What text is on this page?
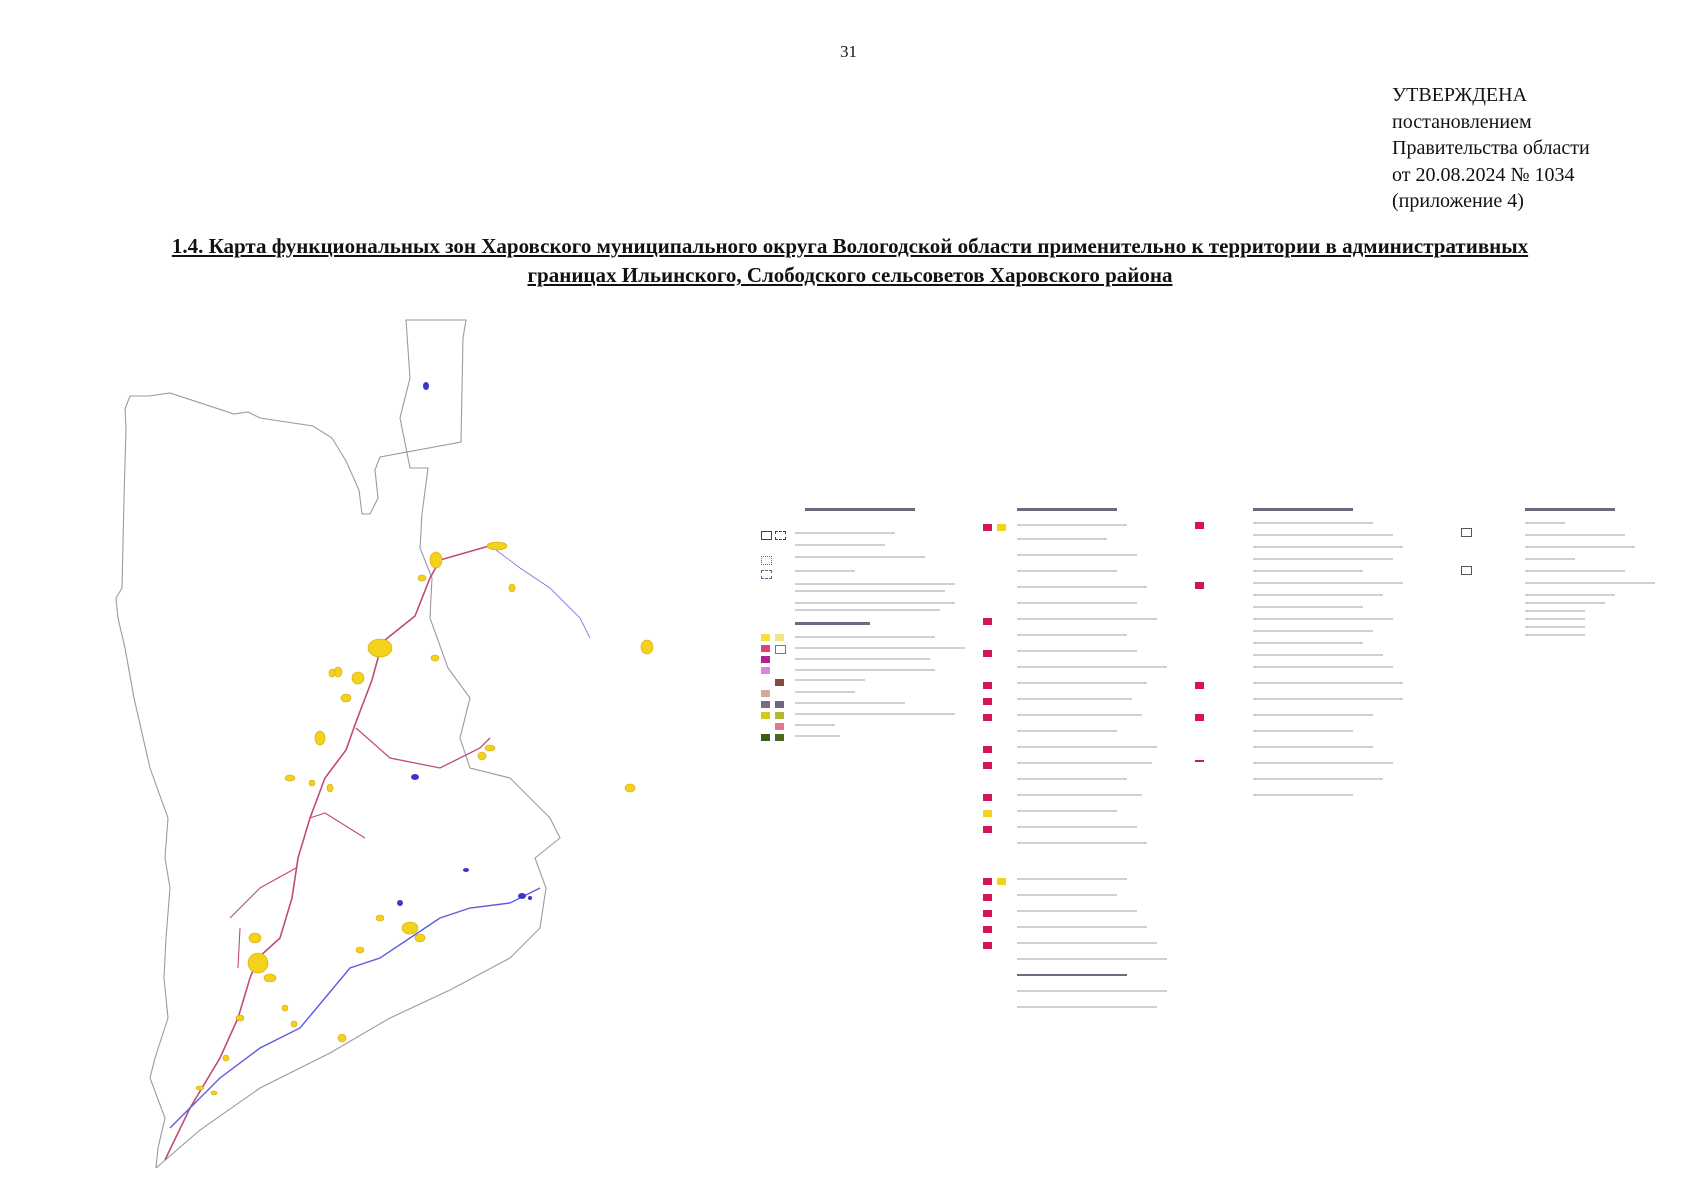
31
УТВЕРЖДЕНА
постановлением
Правительства области
от 20.08.2024 № 1034
(приложение 4)
1.4. Карта функциональных зон Харовского муниципального округа Вологодской области применительно к территории в административных
границах Ильинского, Слободского сельсоветов Харовского района
